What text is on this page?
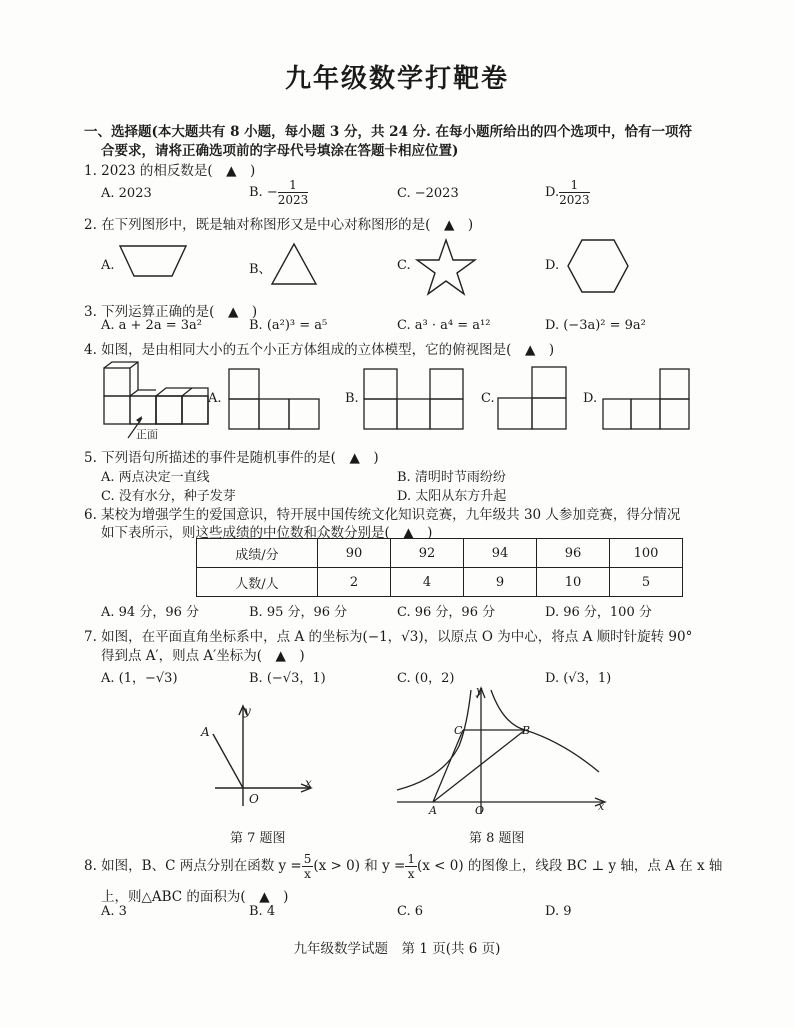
九年级数学打靶卷
一、选择题(本大题共有 8 小题，每小题 3 分，共 24 分. 在每小题所给出的四个选项中，恰有一项符
合要求，请将正确选项前的字母代号填涂在答题卡相应位置)
1. 2023 的相反数是(　▲　)
A. 2023	B. − $\frac{1}{2023}$	C. −2023	D. $\frac{1}{2023}$
2. 在下列图形中，既是轴对称图形又是中心对称图形的是(　▲　)
A.	B、	C.	D.
3. 下列运算正确的是(　▲　)
A. a + 2a = 3a²	B. (a²)³ = a⁵	C. a³ · a⁴ = a¹²	D. (−3a)² = 9a²
4. 如图，是由相同大小的五个小正方体组成的立体模型，它的俯视图是(　▲　)
正面
A.	B.	C.	D.
5. 下列语句所描述的事件是随机事件的是(　▲　)
A. 两点决定一直线	B. 清明时节雨纷纷
C. 没有水分，种子发芽	D. 太阳从东方升起
6. 某校为增强学生的爱国意识，特开展中国传统文化知识竞赛，九年级共 30 人参加竞赛，得分情况
如下表所示，则这些成绩的中位数和众数分别是(　▲　)
成绩/分	90	92	94	96	100
人数/人	2	4	9	10	5
A. 94 分，96 分	B. 95 分，96 分	C. 96 分，96 分	D. 96 分，100 分
7. 如图，在平面直角坐标系中，点 A 的坐标为(−1，√3)，以原点 O 为中心，将点 A 顺时针旋转 90°
得到点 A′，则点 A′坐标为(　▲　)
A. (1，−√3)	B. (−√3，1)	C. (0，2)	D. (√3，1)
y
x
A
O
第 7 题图
y
x
A
B
C
O
第 8 题图
8. 如图，B、C 两点分别在函数 $y = \frac{5}{x} (x > 0)$ 和 $y = \frac{1}{x} (x < 0)$ 的图像上，线段 BC ⊥ y 轴，点 A 在 x 轴
上，则△ABC 的面积为(　▲　)
A. 3	B. 4	C. 6	D. 9
九年级数学试题　第 1 页(共 6 页)
